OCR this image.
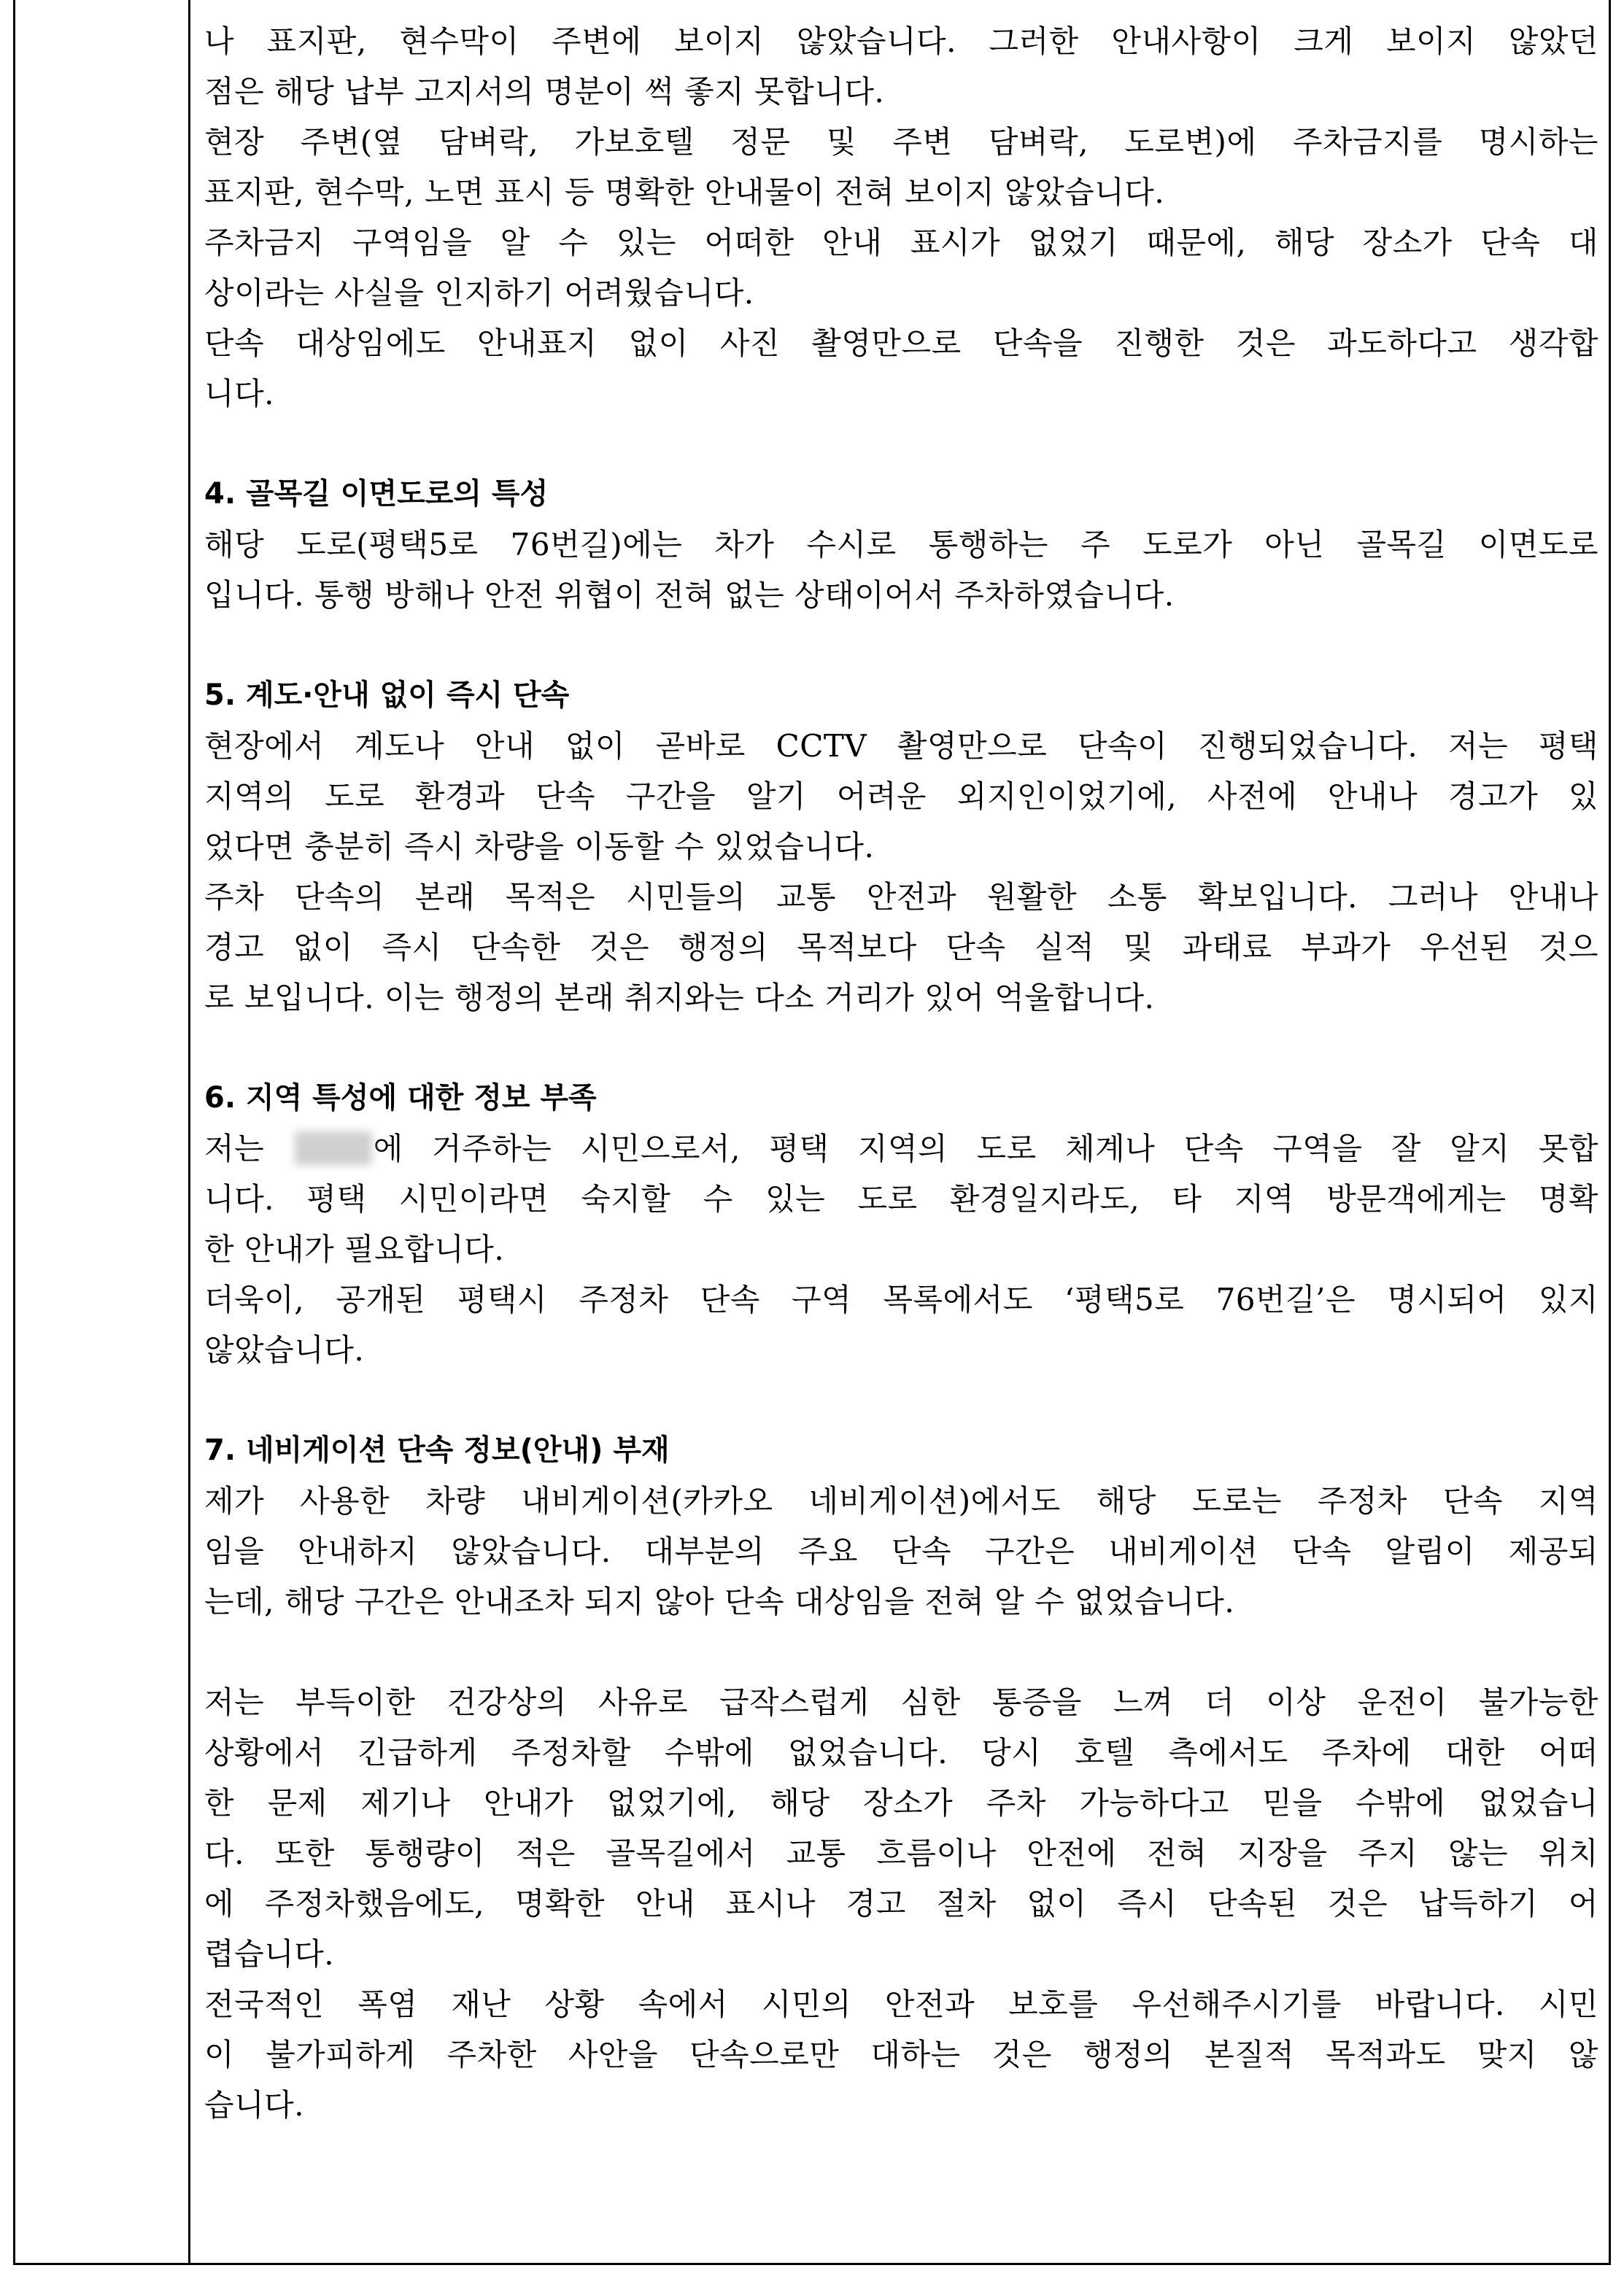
나 표지판, 현수막이 주변에 보이지 않았습니다. 그러한 안내사항이 크게 보이지 않았던
점은 해당 납부 고지서의 명분이 썩 좋지 못합니다.
현장 주변(옆 담벼락, 가보호텔 정문 및 주변 담벼락, 도로변)에 주차금지를 명시하는
표지판, 현수막, 노면 표시 등 명확한 안내물이 전혀 보이지 않았습니다.
주차금지 구역임을 알 수 있는 어떠한 안내 표시가 없었기 때문에, 해당 장소가 단속 대
상이라는 사실을 인지하기 어려웠습니다.
단속 대상임에도 안내표지 없이 사진 촬영만으로 단속을 진행한 것은 과도하다고 생각합
니다.
4. 골목길 이면도로의 특성
해당 도로(평택5로 76번길)에는 차가 수시로 통행하는 주 도로가 아닌 골목길 이면도로
입니다. 통행 방해나 안전 위협이 전혀 없는 상태이어서 주차하였습니다.
5. 계도·안내 없이 즉시 단속
현장에서 계도나 안내 없이 곧바로 CCTV 촬영만으로 단속이 진행되었습니다. 저는 평택
지역의 도로 환경과 단속 구간을 알기 어려운 외지인이었기에, 사전에 안내나 경고가 있
었다면 충분히 즉시 차량을 이동할 수 있었습니다.
주차 단속의 본래 목적은 시민들의 교통 안전과 원활한 소통 확보입니다. 그러나 안내나
경고 없이 즉시 단속한 것은 행정의 목적보다 단속 실적 및 과태료 부과가 우선된 것으
로 보입니다. 이는 행정의 본래 취지와는 다소 거리가 있어 억울합니다.
6. 지역 특성에 대한 정보 부족
저는	에 거주하는 시민으로서, 평택 지역의 도로 체계나 단속 구역을 잘 알지 못합
니다. 평택 시민이라면 숙지할 수 있는 도로 환경일지라도, 타 지역 방문객에게는 명확
한 안내가 필요합니다.
더욱이, 공개된 평택시 주정차 단속 구역 목록에서도 ‘평택5로 76번길’은 명시되어 있지
않았습니다.
7. 네비게이션 단속 정보(안내) 부재
제가 사용한 차량 내비게이션(카카오 네비게이션)에서도 해당 도로는 주정차 단속 지역
임을 안내하지 않았습니다. 대부분의 주요 단속 구간은 내비게이션 단속 알림이 제공되
는데, 해당 구간은 안내조차 되지 않아 단속 대상임을 전혀 알 수 없었습니다.
저는 부득이한 건강상의 사유로 급작스럽게 심한 통증을 느껴 더 이상 운전이 불가능한
상황에서 긴급하게 주정차할 수밖에 없었습니다. 당시 호텔 측에서도 주차에 대한 어떠
한 문제 제기나 안내가 없었기에, 해당 장소가 주차 가능하다고 믿을 수밖에 없었습니
다. 또한 통행량이 적은 골목길에서 교통 흐름이나 안전에 전혀 지장을 주지 않는 위치
에 주정차했음에도, 명확한 안내 표시나 경고 절차 없이 즉시 단속된 것은 납득하기 어
렵습니다.
전국적인 폭염 재난 상황 속에서 시민의 안전과 보호를 우선해주시기를 바랍니다. 시민
이 불가피하게 주차한 사안을 단속으로만 대하는 것은 행정의 본질적 목적과도 맞지 않
습니다.
